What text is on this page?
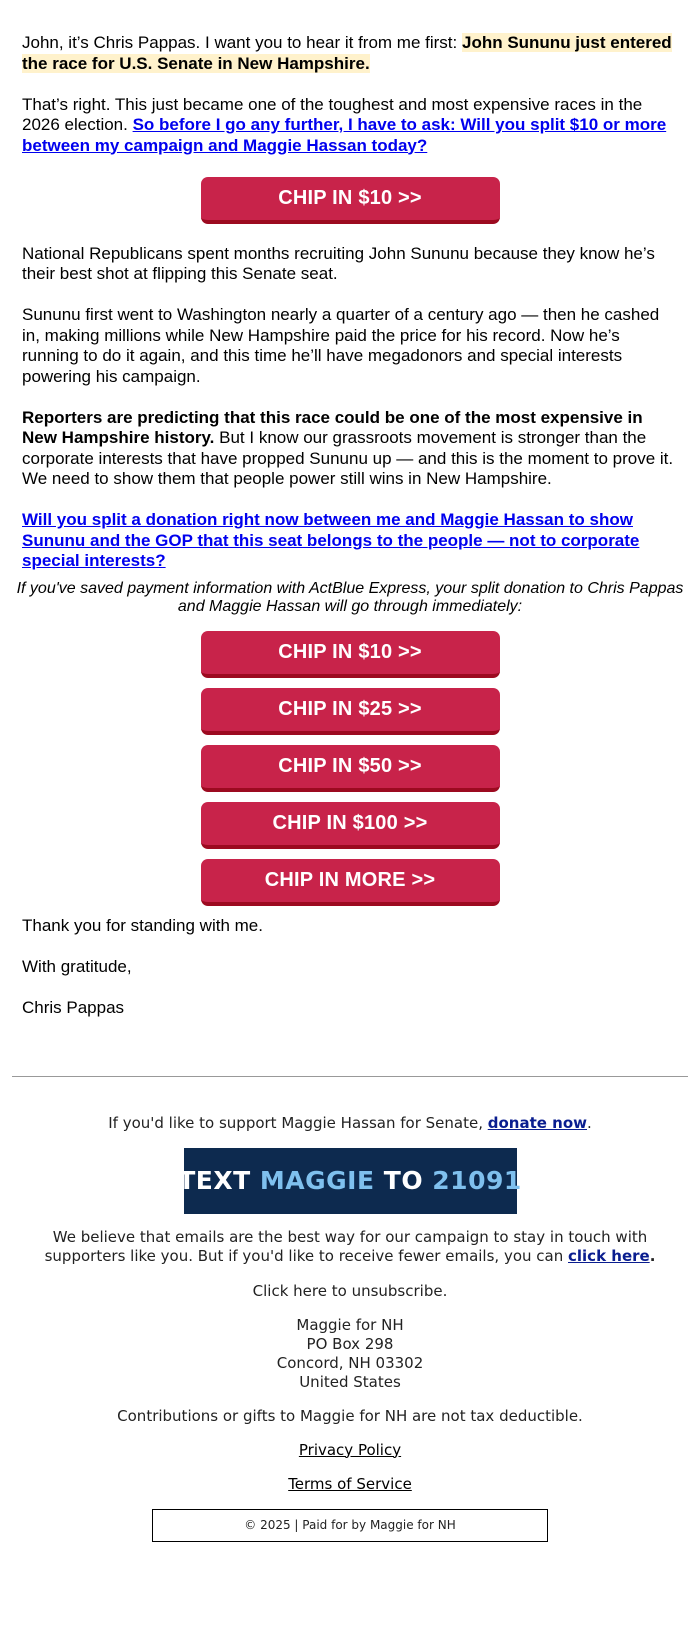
John, it’s Chris Pappas. I want you to hear it from me first: John Sununu just entered the race for U.S. Senate in New Hampshire.

That’s right. This just became one of the toughest and most expensive races in the 2026 election. So before I go any further, I have to ask: Will you split $10 or more between my campaign and Maggie Hassan today?

CHIP IN $10 >>

National Republicans spent months recruiting John Sununu because they know he’s their best shot at flipping this Senate seat.

Sununu first went to Washington nearly a quarter of a century ago — then he cashed in, making millions while New Hampshire paid the price for his record. Now he’s running to do it again, and this time he’ll have megadonors and special interests powering his campaign.

Reporters are predicting that this race could be one of the most expensive in New Hampshire history. But I know our grassroots movement is stronger than the corporate interests that have propped Sununu up — and this is the moment to prove it. We need to show them that people power still wins in New Hampshire.

Will you split a donation right now between me and Maggie Hassan to show Sununu and the GOP that this seat belongs to the people — not to corporate special interests?

If you've saved payment information with ActBlue Express, your split donation to Chris Pappas and Maggie Hassan will go through immediately:

CHIP IN $10 >>
CHIP IN $25 >>
CHIP IN $50 >>
CHIP IN $100 >>
CHIP IN MORE >>

Thank you for standing with me.

With gratitude,

Chris Pappas

If you'd like to support Maggie Hassan for Senate, donate now.

TEXT MAGGIE TO 21091

We believe that emails are the best way for our campaign to stay in touch with supporters like you. But if you'd like to receive fewer emails, you can click here.

Click here to unsubscribe.

Maggie for NH
PO Box 298
Concord, NH 03302
United States

Contributions or gifts to Maggie for NH are not tax deductible.

Privacy Policy

Terms of Service

© 2025 | Paid for by Maggie for NH
